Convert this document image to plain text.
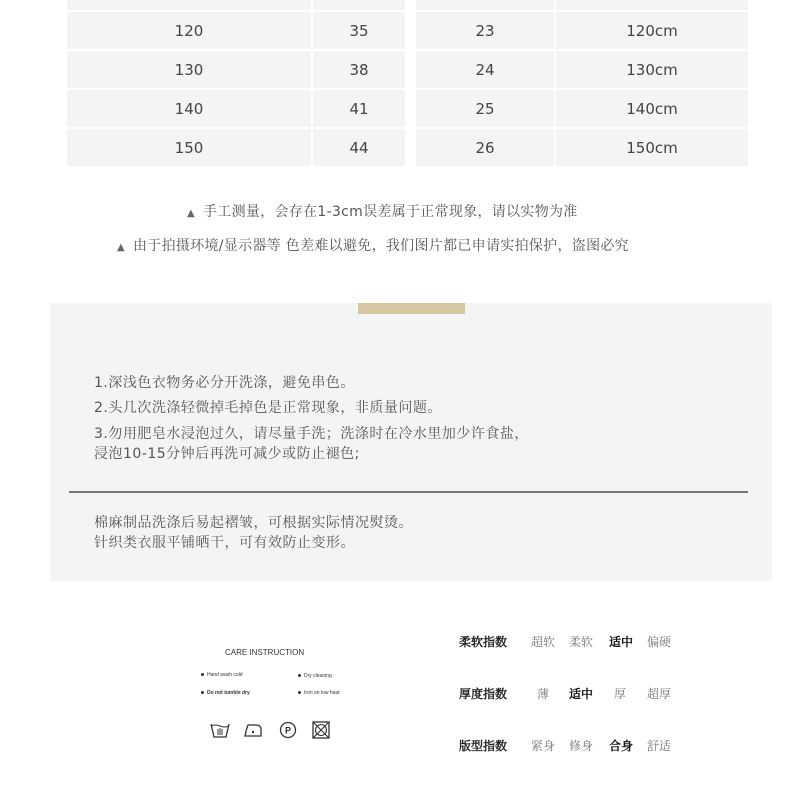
120	35	23	120cm
130	38	24	130cm
140	41	25	140cm
150	44	26	150cm
▲ 手工测量，会存在1-3cm误差属于正常现象，请以实物为准
▲ 由于拍摄环境/显示器等 色差难以避免，我们图片都已申请实拍保护，盗图必究

1.深浅色衣物务必分开洗涤，避免串色。

2.头几次洗涤轻微掉毛掉色是正常现象，非质量问题。

3.勿用肥皂水浸泡过久，请尽量手洗；洗涤时在冷水里加少许食盐，

浸泡10-15分钟后再洗可减少或防止褪色;

棉麻制品洗涤后易起褶皱，可根据实际情况熨烫。

针织类衣服平铺晒干，可有效防止变形。

CARE INSTRUCTION
Hand wash cold	Dry cleaning
Do not tumble dry	Iron on low heat
P
柔软指数 超软 柔软 适中 偏硬
厚度指数 薄 适中 厚 超厚
版型指数 紧身 修身 合身 舒适
